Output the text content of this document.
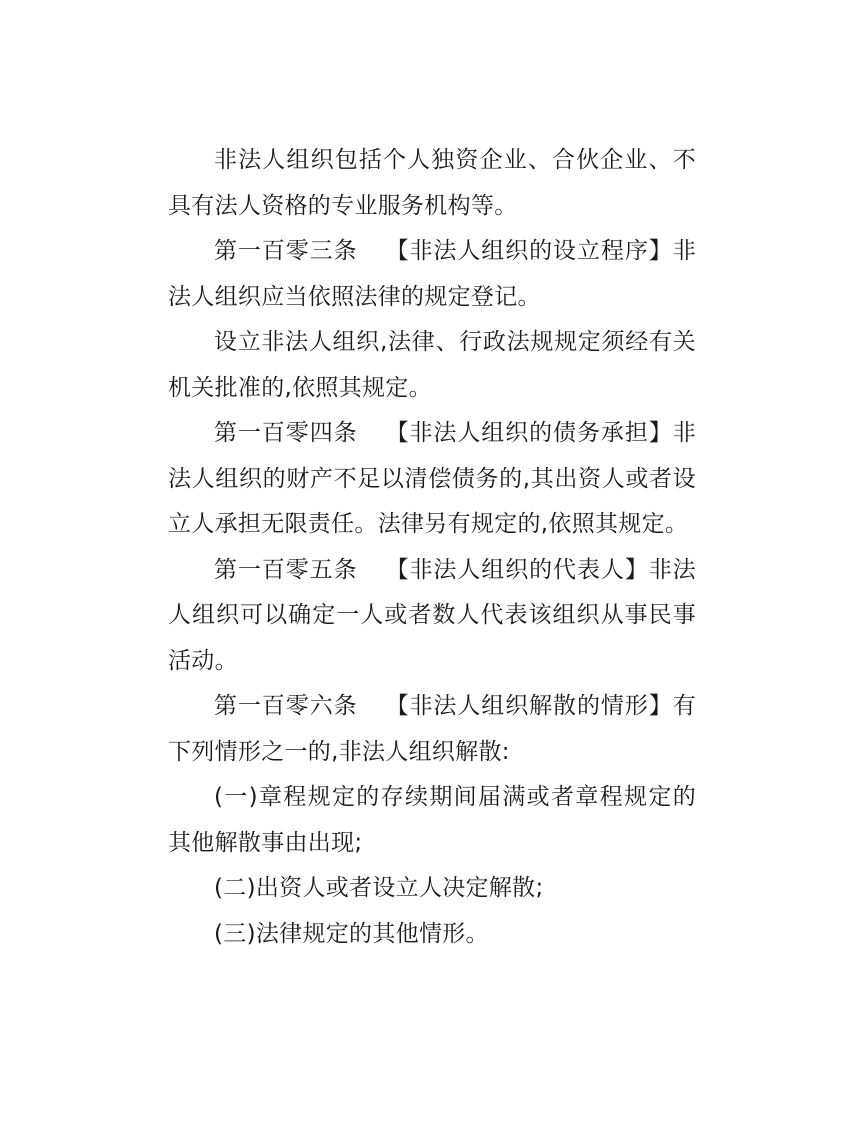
非法人组织包括个人独资企业、合伙企业、不具有法人资格的专业服务机构等。

第一百零三条 【非法人组织的设立程序】非法人组织应当依照法律的规定登记。

设立非法人组织,法律、行政法规规定须经有关机关批准的,依照其规定。

第一百零四条 【非法人组织的债务承担】非法人组织的财产不足以清偿债务的,其出资人或者设立人承担无限责任。法律另有规定的,依照其规定。

第一百零五条 【非法人组织的代表人】非法人组织可以确定一人或者数人代表该组织从事民事活动。

第一百零六条 【非法人组织解散的情形】有下列情形之一的,非法人组织解散:

(一)章程规定的存续期间届满或者章程规定的其他解散事由出现;

(二)出资人或者设立人决定解散;

(三)法律规定的其他情形。
